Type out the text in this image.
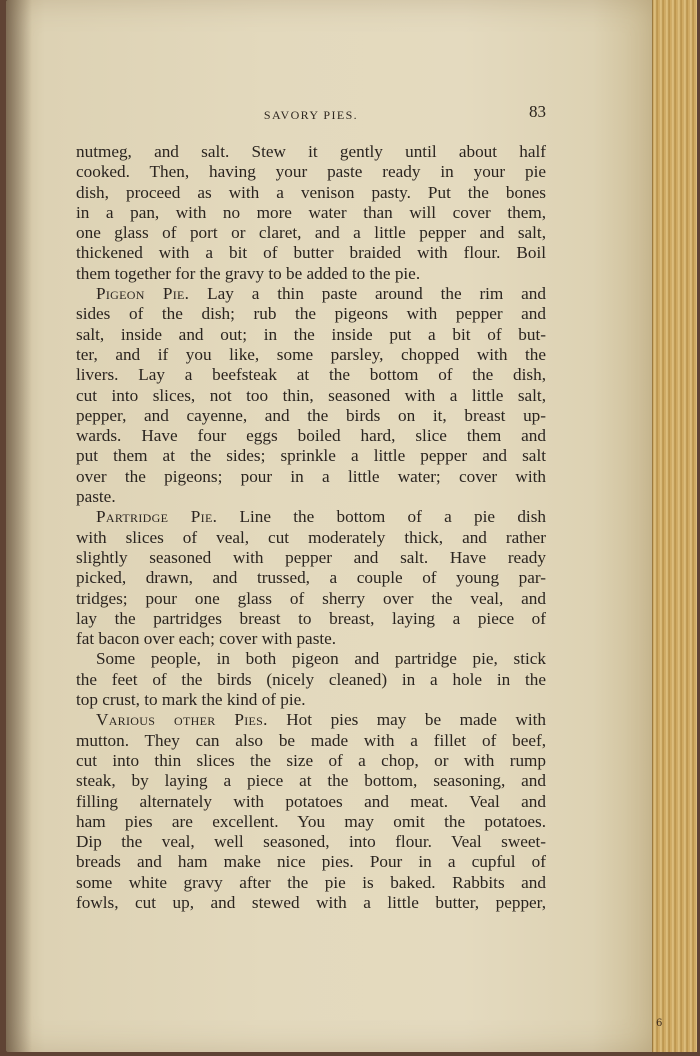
SAVORY PIES.	83
nutmeg, and salt. Stew it gently until about half
cooked. Then, having your paste ready in your pie
dish, proceed as with a venison pasty. Put the bones
in a pan, with no more water than will cover them,
one glass of port or claret, and a little pepper and salt,
thickened with a bit of butter braided with flour. Boil
them together for the gravy to be added to the pie.
Pigeon Pie. Lay a thin paste around the rim and
sides of the dish; rub the pigeons with pepper and
salt, inside and out; in the inside put a bit of but-
ter, and if you like, some parsley, chopped with the
livers. Lay a beefsteak at the bottom of the dish,
cut into slices, not too thin, seasoned with a little salt,
pepper, and cayenne, and the birds on it, breast up-
wards. Have four eggs boiled hard, slice them and
put them at the sides; sprinkle a little pepper and salt
over the pigeons; pour in a little water; cover with
paste.
Partridge Pie. Line the bottom of a pie dish
with slices of veal, cut moderately thick, and rather
slightly seasoned with pepper and salt. Have ready
picked, drawn, and trussed, a couple of young par-
tridges; pour one glass of sherry over the veal, and
lay the partridges breast to breast, laying a piece of
fat bacon over each; cover with paste.
Some people, in both pigeon and partridge pie, stick
the feet of the birds (nicely cleaned) in a hole in the
top crust, to mark the kind of pie.
Various other Pies. Hot pies may be made with
mutton. They can also be made with a fillet of beef,
cut into thin slices the size of a chop, or with rump
steak, by laying a piece at the bottom, seasoning, and
filling alternately with potatoes and meat. Veal and
ham pies are excellent. You may omit the potatoes.
Dip the veal, well seasoned, into flour. Veal sweet-
breads and ham make nice pies. Pour in a cupful of
some white gravy after the pie is baked. Rabbits and
fowls, cut up, and stewed with a little butter, pepper,
6
